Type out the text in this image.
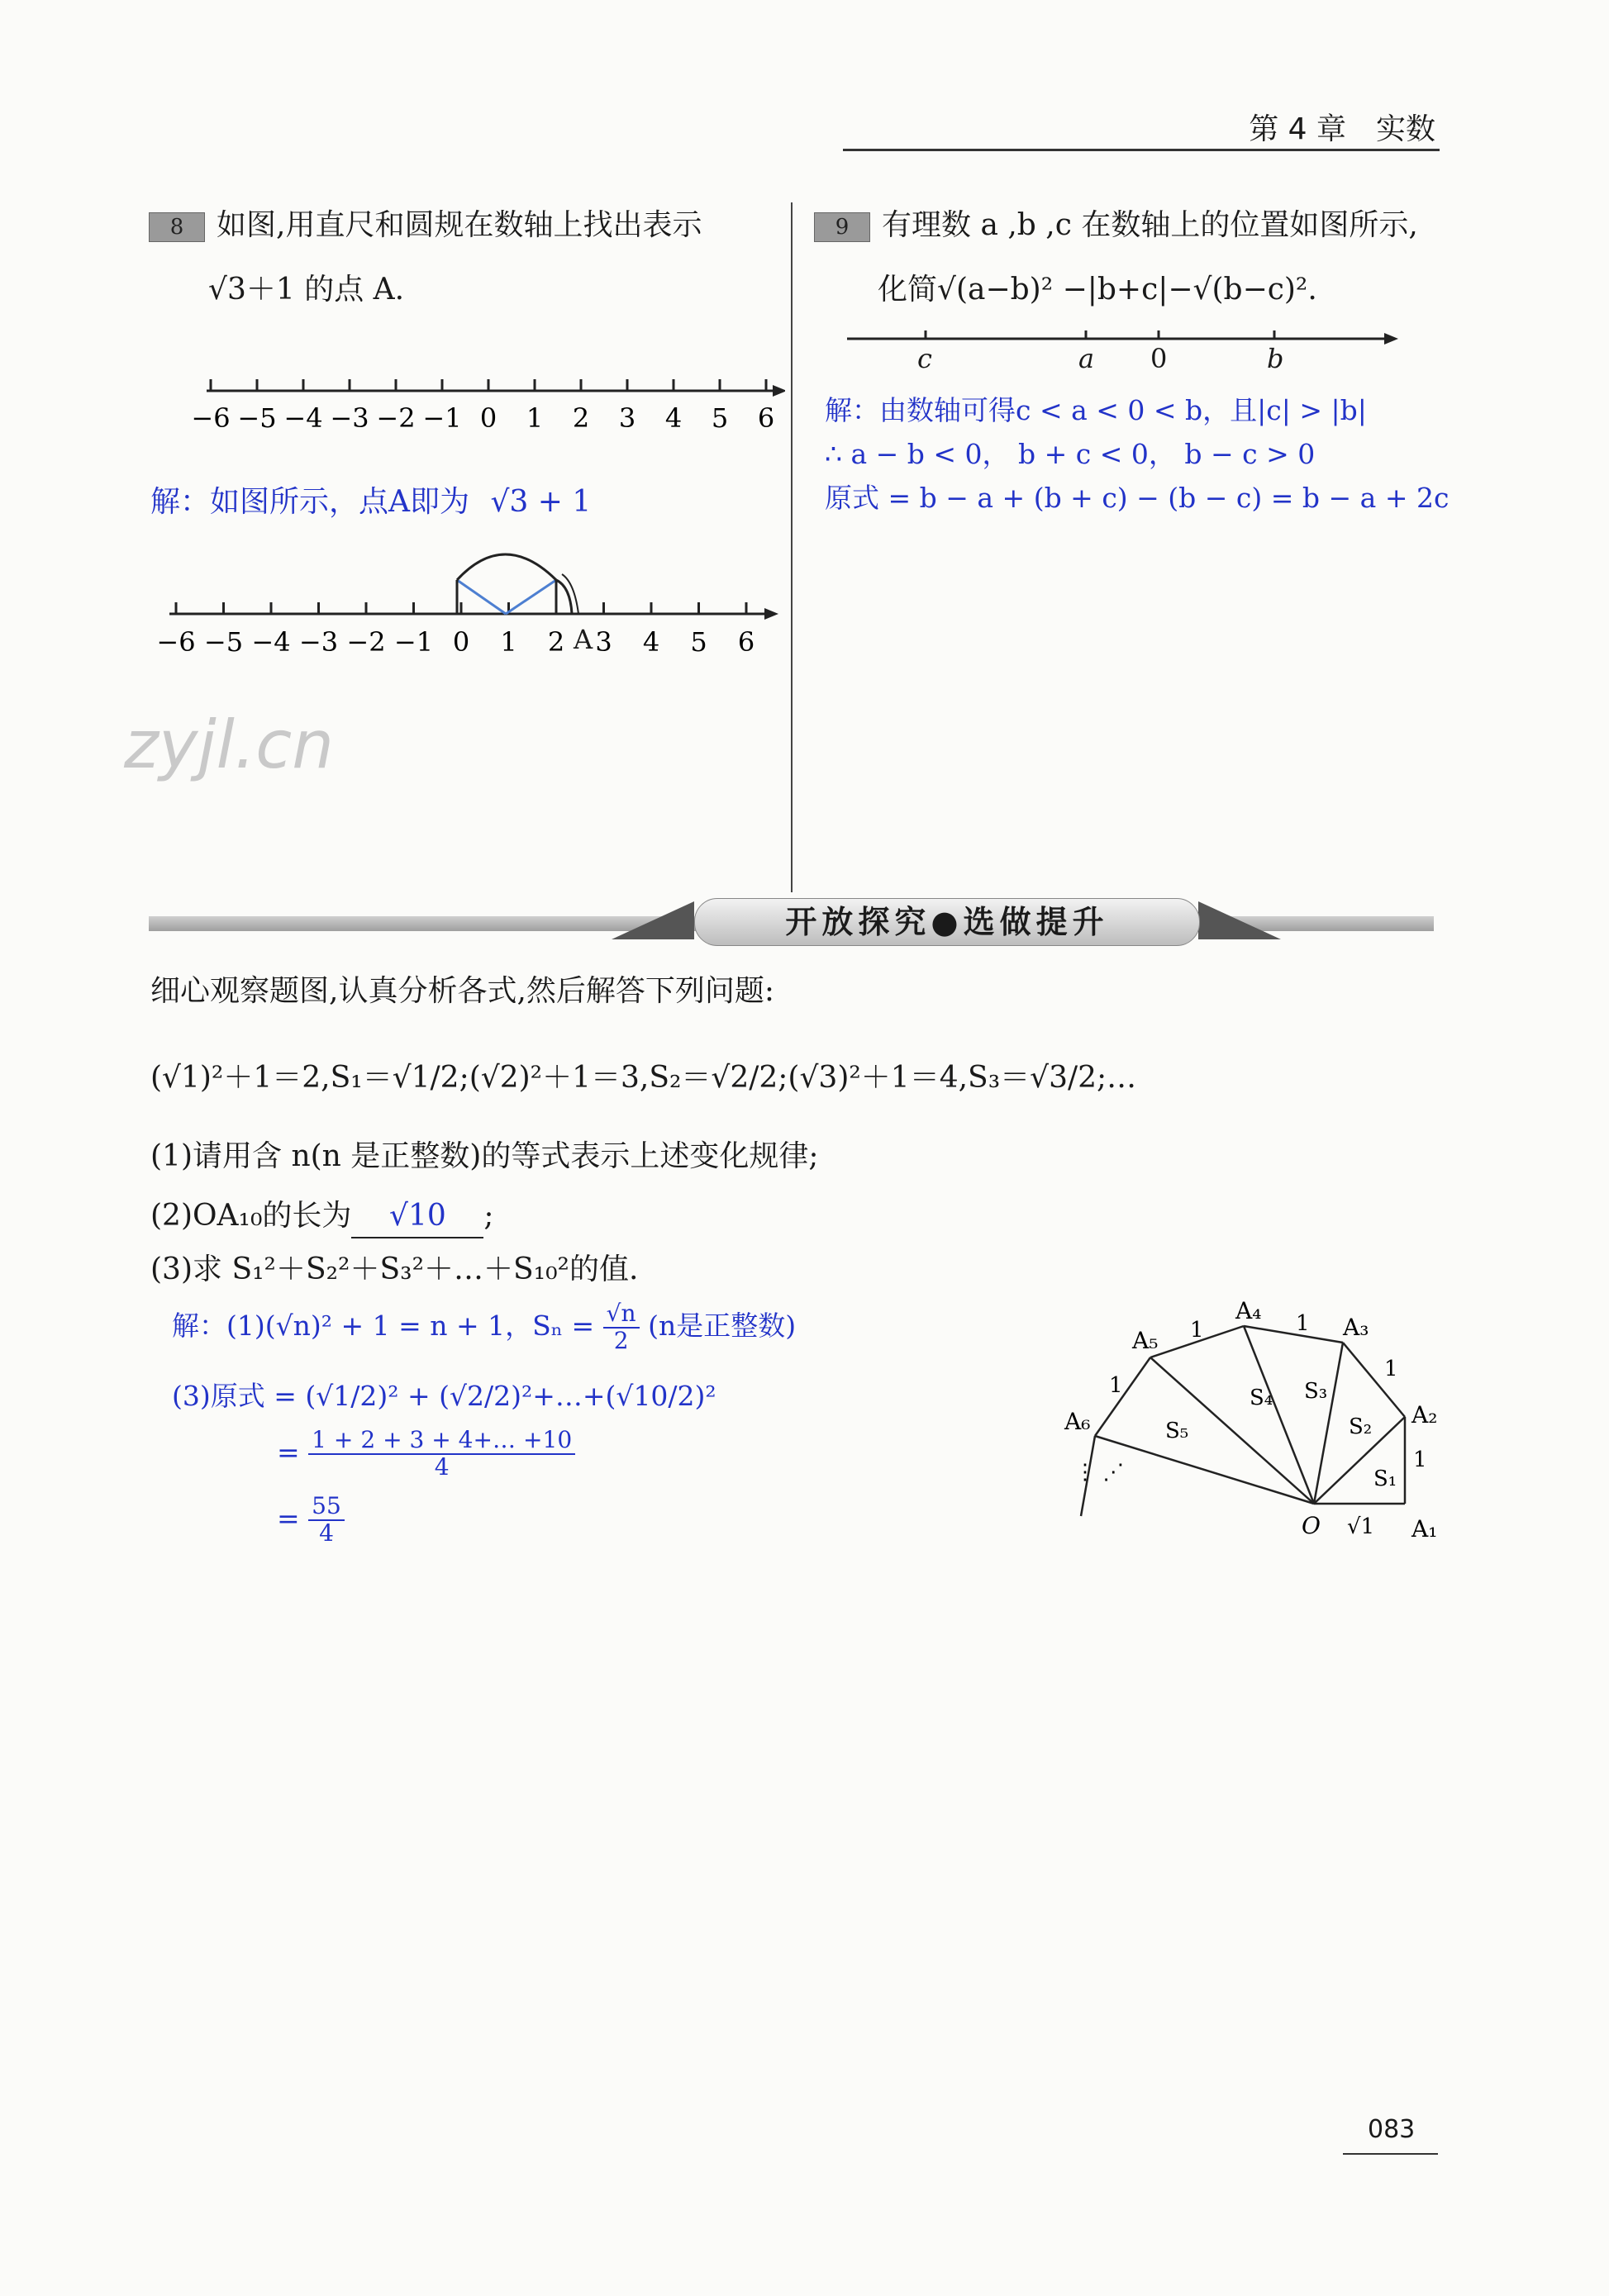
第 4 章　实数
8 如图,用直尺和圆规在数轴上找出表示
√3＋1 的点 A.
−6 −5 −4 −3 −2 −1 0 1 2 3 4 5 6
解：如图所示，点A即为 √3 + 1
−6 −5 −4 −3 −2 −1 0 1 2 3 4 5 6
A
zyjl.cn
9 有理数 a ,b ,c 在数轴上的位置如图所示,
化简√(a−b)² −|b+c|−√(b−c)².
c	a 0	b
解：由数轴可得c < a < 0 < b，且|c| > |b|
∴ a − b < 0， b + c < 0， b − c > 0
原式 = b − a + (b + c) − (b − c) = b − a + 2c
开放探究●选做提升
细心观察题图,认真分析各式,然后解答下列问题:
(√1)²＋1＝2,S₁＝√1/2;(√2)²＋1＝3,S₂＝√2/2;(√3)²＋1＝4,S₃＝√3/2;…
(1)请用含 n(n 是正整数)的等式表示上述变化规律;
(2)OA₁₀的长为 √10 ;
(3)求 S₁²＋S₂²＋S₃²＋…＋S₁₀²的值.
解：(1)(√n)² + 1 = n + 1，$S_n = \frac{√n}{2} (n$是正整数)
(3)原式 = (√1/2)² + (√2/2)²+…+(√10/2)²
= $\frac{1 + 2 + 3 + 4+\dots +10}{4}$
= $\frac{55}{4}$	A₁
A₂
A₃
A₄
A₅
A₆
O √1
1
1
1
1
1
S₁
S₂
S₃
S₄
S₅
⋮ ⋰
083
